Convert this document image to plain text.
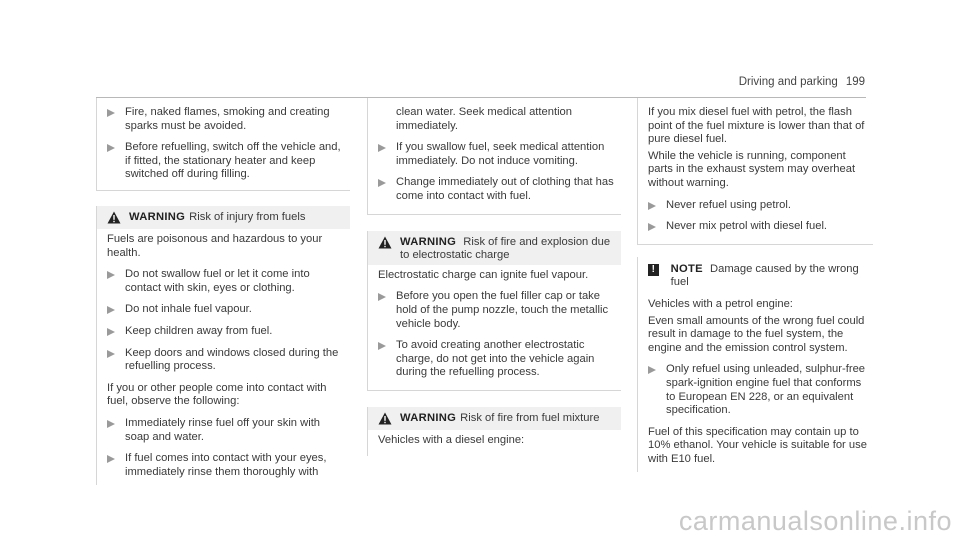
Driving and parking 199
Fire, naked flames, smoking and creating sparks must be avoided.
Before refuelling, switch off the vehicle and, if fitted, the stationary heater and keep switched off during filling.
WARNING Risk of injury from fuels
Fuels are poisonous and hazardous to your health.
Do not swallow fuel or let it come into contact with skin, eyes or clothing.
Do not inhale fuel vapour.
Keep children away from fuel.
Keep doors and windows closed during the refuelling process.
If you or other people come into contact with fuel, observe the following:
Immediately rinse fuel off your skin with soap and water.
If fuel comes into contact with your eyes, immediately rinse them thoroughly with
clean water. Seek medical attention immediately.
If you swallow fuel, seek medical attention immediately. Do not induce vomiting.
Change immediately out of clothing that has come into contact with fuel.
WARNING Risk of fire and explosion due to electrostatic charge
Electrostatic charge can ignite fuel vapour.
Before you open the fuel filler cap or take hold of the pump nozzle, touch the metallic vehicle body.
To avoid creating another electrostatic charge, do not get into the vehicle again during the refuelling process.
WARNING Risk of fire from fuel mixture
Vehicles with a diesel engine:
If you mix diesel fuel with petrol, the flash point of the fuel mixture is lower than that of pure diesel fuel.
While the vehicle is running, component parts in the exhaust system may overheat without warning.
Never refuel using petrol.
Never mix petrol with diesel fuel.
!	NOTE Damage caused by the wrong fuel
Vehicles with a petrol engine:
Even small amounts of the wrong fuel could result in damage to the fuel system, the engine and the emission control system.
Only refuel using unleaded, sulphur-free spark-ignition engine fuel that conforms to European EN 228, or an equivalent specification.
Fuel of this specification may contain up to 10% ethanol. Your vehicle is suitable for use with E10 fuel.
carmanualsonline.info
